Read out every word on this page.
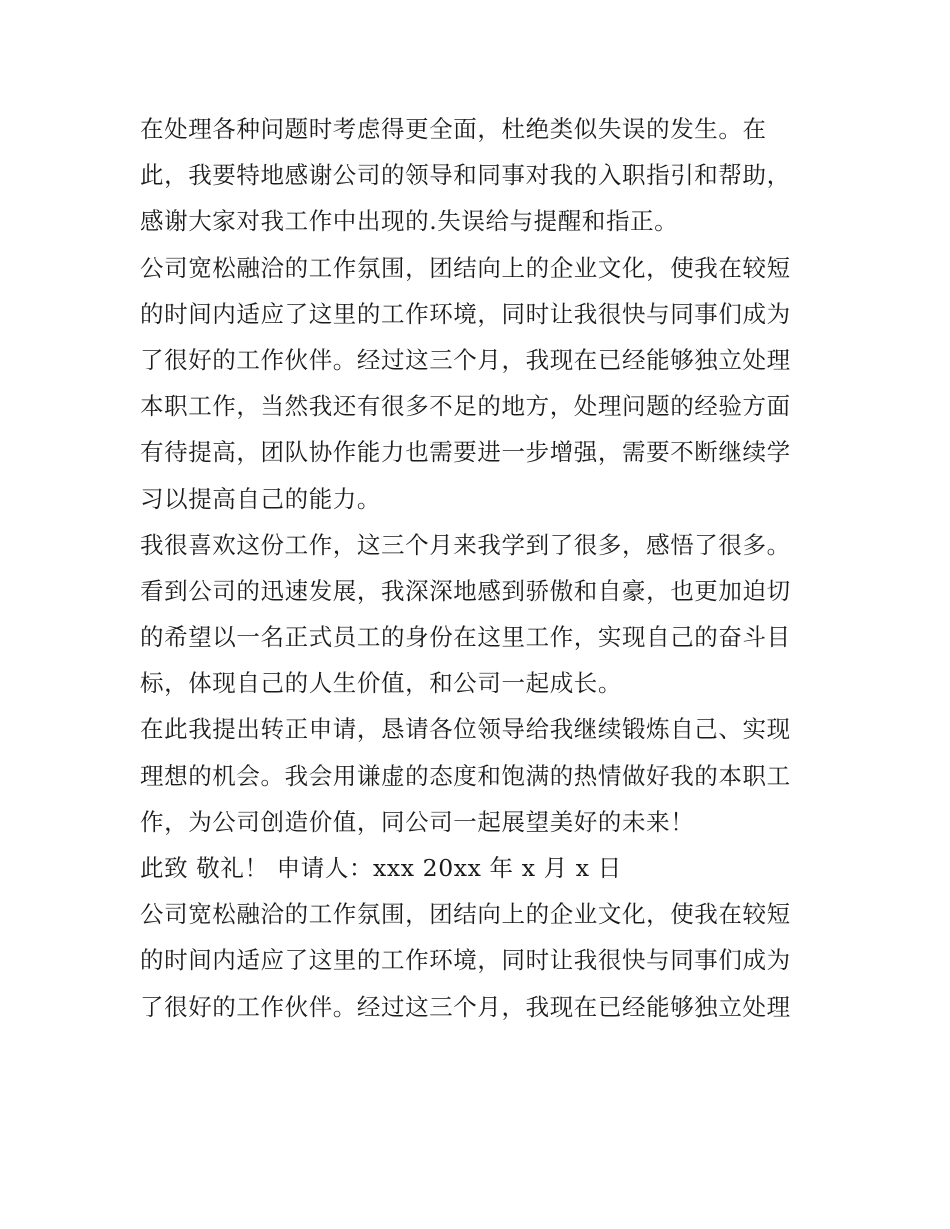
在处理各种问题时考虑得更全面，杜绝类似失误的发生。在
此，我要特地感谢公司的领导和同事对我的入职指引和帮助，
感谢大家对我工作中出现的.失误给与提醒和指正。
公司宽松融洽的工作氛围，团结向上的企业文化，使我在较短
的时间内适应了这里的工作环境，同时让我很快与同事们成为
了很好的工作伙伴。经过这三个月，我现在已经能够独立处理
本职工作，当然我还有很多不足的地方，处理问题的经验方面
有待提高，团队协作能力也需要进一步增强，需要不断继续学
习以提高自己的能力。
我很喜欢这份工作，这三个月来我学到了很多，感悟了很多。
看到公司的迅速发展，我深深地感到骄傲和自豪，也更加迫切
的希望以一名正式员工的身份在这里工作，实现自己的奋斗目
标，体现自己的人生价值，和公司一起成长。
在此我提出转正申请，恳请各位领导给我继续锻炼自己、实现
理想的机会。我会用谦虚的态度和饱满的热情做好我的本职工
作，为公司创造价值，同公司一起展望美好的未来！
此致 敬礼！ 申请人：xxx 20xx 年 x 月 x 日
公司宽松融洽的工作氛围，团结向上的企业文化，使我在较短
的时间内适应了这里的工作环境，同时让我很快与同事们成为
了很好的工作伙伴。经过这三个月，我现在已经能够独立处理
